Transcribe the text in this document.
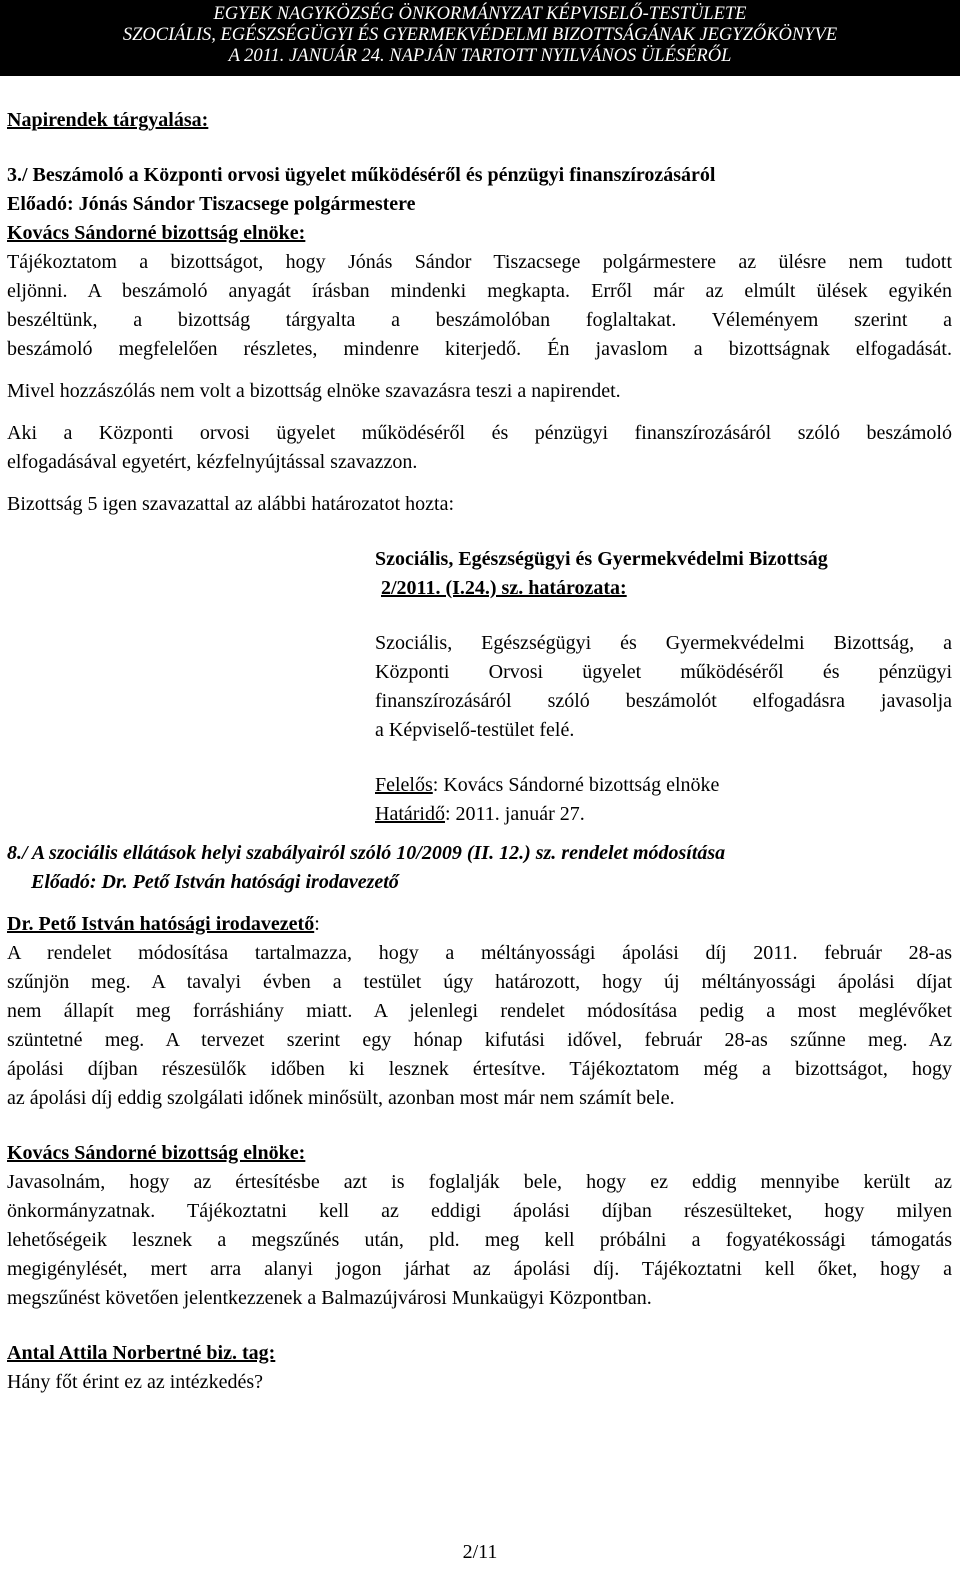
EGYEK NAGYKÖZSÉG ÖNKORMÁNYZAT KÉPVISELŐ-TESTÜLETE
SZOCIÁLIS, EGÉSZSÉGÜGYI ÉS GYERMEKVÉDELMI BIZOTTSÁGÁNAK JEGYZŐKÖNYVE
A 2011. JANUÁR 24. NAPJÁN TARTOTT NYILVÁNOS ÜLÉSÉRŐL

Napirendek tárgyalása:

3./ Beszámoló a Központi orvosi ügyelet működéséről és pénzügyi finanszírozásáról

Előadó: Jónás Sándor Tiszacsege polgármestere

Kovács Sándorné bizottság elnöke:

Tájékoztatom a bizottságot, hogy Jónás Sándor Tiszacsege polgármestere az ülésre nem tudott

eljönni. A beszámoló anyagát írásban mindenki megkapta. Erről már az elmúlt ülések egyikén

beszéltünk, a bizottság tárgyalta a beszámolóban foglaltakat. Véleményem szerint a

beszámoló megfelelően részletes, mindenre kiterjedő. Én javaslom a bizottságnak elfogadását.

Mivel hozzászólás nem volt a bizottság elnöke szavazásra teszi a napirendet.

Aki a Központi orvosi ügyelet működéséről és pénzügyi finanszírozásáról szóló beszámoló

elfogadásával egyetért, kézfelnyújtással szavazzon.

Bizottság 5 igen szavazattal az alábbi határozatot hozta:

Szociális, Egészségügyi és Gyermekvédelmi Bizottság

2/2011. (I.24.) sz. határozata:

Szociális, Egészségügyi és Gyermekvédelmi Bizottság, a

Központi Orvosi ügyelet működéséről és pénzügyi

finanszírozásáról szóló beszámolót elfogadásra javasolja

a Képviselő-testület felé.

Felelős: Kovács Sándorné bizottság elnöke

Határidő: 2011. január 27.

8./ A szociális ellátások helyi szabályairól szóló 10/2009 (II. 12.) sz. rendelet módosítása

Előadó: Dr. Pető István hatósági irodavezető

Dr. Pető István hatósági irodavezető:

A rendelet módosítása tartalmazza, hogy a méltányossági ápolási díj 2011. február 28-as

szűnjön meg. A tavalyi évben a testület úgy határozott, hogy új méltányossági ápolási díjat

nem állapít meg forráshiány miatt. A jelenlegi rendelet módosítása pedig a most meglévőket

szüntetné meg. A tervezet szerint egy hónap kifutási idővel, február 28-as szűnne meg. Az

ápolási díjban részesülők időben ki lesznek értesítve. Tájékoztatom még a bizottságot, hogy

az ápolási díj eddig szolgálati időnek minősült, azonban most már nem számít bele.

Kovács Sándorné bizottság elnöke:

Javasolnám, hogy az értesítésbe azt is foglalják bele, hogy ez eddig mennyibe került az

önkormányzatnak. Tájékoztatni kell az eddigi ápolási díjban részesülteket, hogy milyen

lehetőségeik lesznek a megszűnés után, pld. meg kell próbálni a fogyatékossági támogatás

megigénylését, mert arra alanyi jogon járhat az ápolási díj. Tájékoztatni kell őket, hogy a

megszűnést követően jelentkezzenek a Balmazújvárosi Munkaügyi Központban.

Antal Attila Norbertné biz. tag:

Hány főt érint ez az intézkedés?

2/11
